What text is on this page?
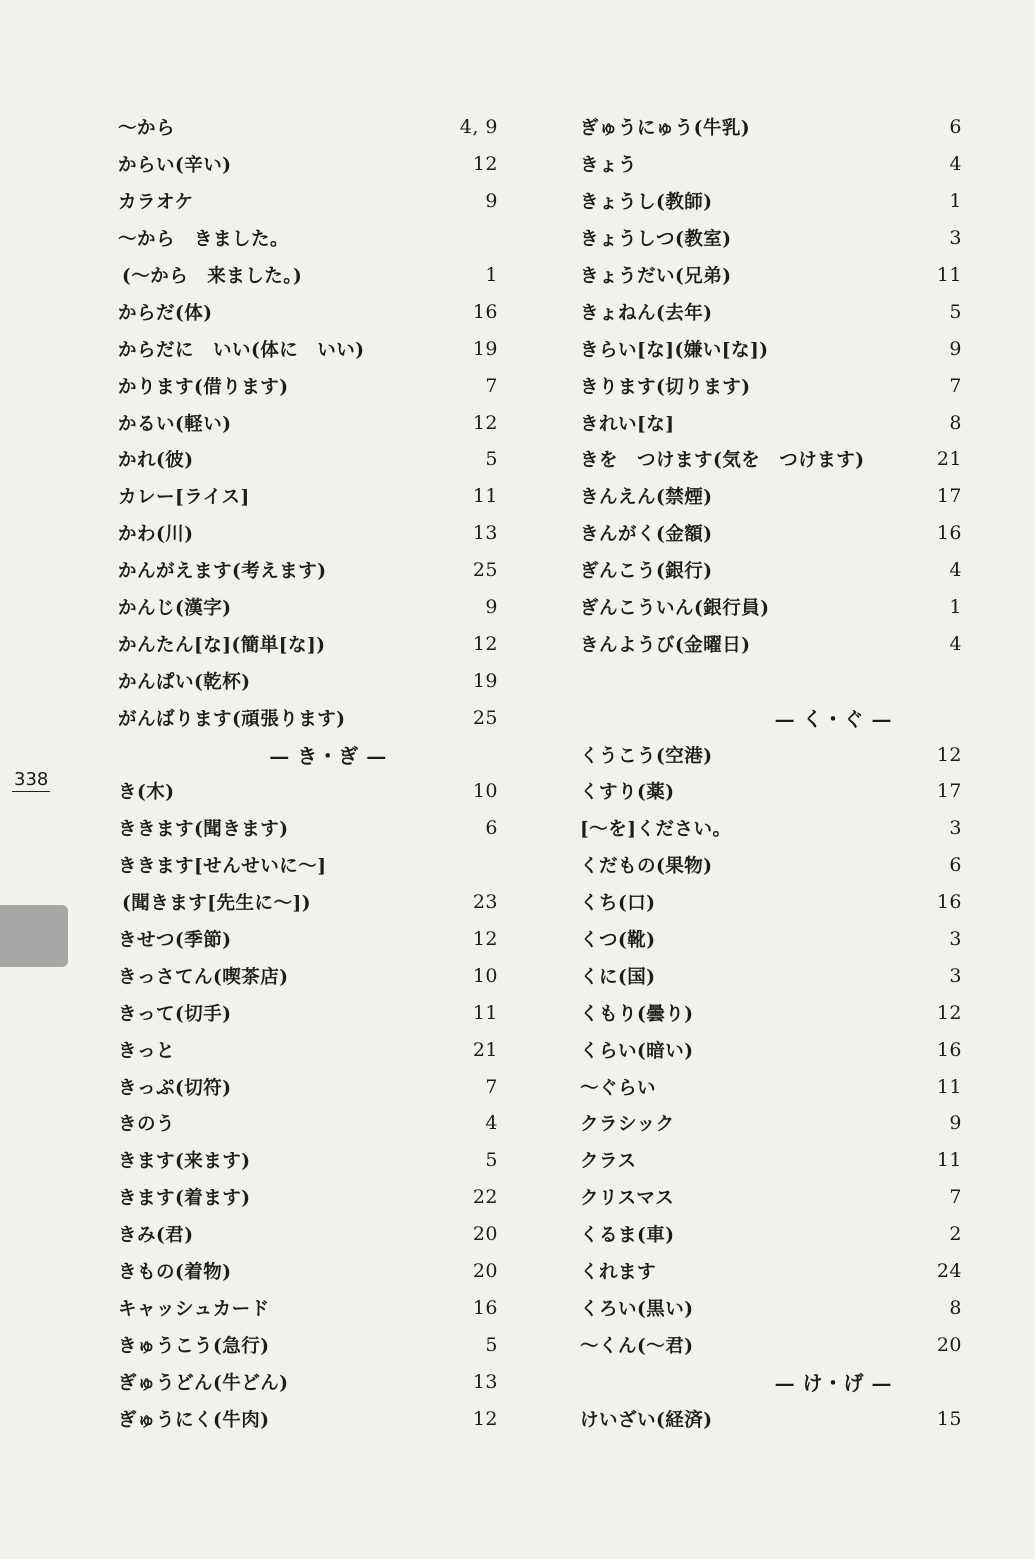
〜から	4, 9
からい(辛い)	12
カラオケ	9
〜から　きました。
(〜から　来ました。)	1
からだ(体)	16
からだに　いい(体に　いい)	19
かります(借ります)	7
かるい(軽い)	12
かれ(彼)	5
カレー[ライス]	11
かわ(川)	13
かんがえます(考えます)	25
かんじ(漢字)	9
かんたん[な](簡単[な])	12
かんぱい(乾杯)	19
がんばります(頑張ります)	25
— き・ぎ —
き(木)	10
ききます(聞きます)	6
ききます[せんせいに〜]
(聞きます[先生に〜])	23
きせつ(季節)	12
きっさてん(喫茶店)	10
きって(切手)	11
きっと	21
きっぷ(切符)	7
きのう	4
きます(来ます)	5
きます(着ます)	22
きみ(君)	20
きもの(着物)	20
キャッシュカード	16
きゅうこう(急行)	5
ぎゅうどん(牛どん)	13
ぎゅうにく(牛肉)	12
ぎゅうにゅう(牛乳)	6
きょう	4
きょうし(教師)	1
きょうしつ(教室)	3
きょうだい(兄弟)	11
きょねん(去年)	5
きらい[な](嫌い[な])	9
きります(切ります)	7
きれい[な]	8
きを　つけます(気を　つけます)	21
きんえん(禁煙)	17
きんがく(金額)	16
ぎんこう(銀行)	4
ぎんこういん(銀行員)	1
きんようび(金曜日)	4
— く・ぐ —
くうこう(空港)	12
くすり(薬)	17
[〜を]ください。	3
くだもの(果物)	6
くち(口)	16
くつ(靴)	3
くに(国)	3
くもり(曇り)	12
くらい(暗い)	16
〜ぐらい	11
クラシック	9
クラス	11
クリスマス	7
くるま(車)	2
くれます	24
くろい(黒い)	8
〜くん(〜君)	20
— け・げ —
けいざい(経済)	15
338
